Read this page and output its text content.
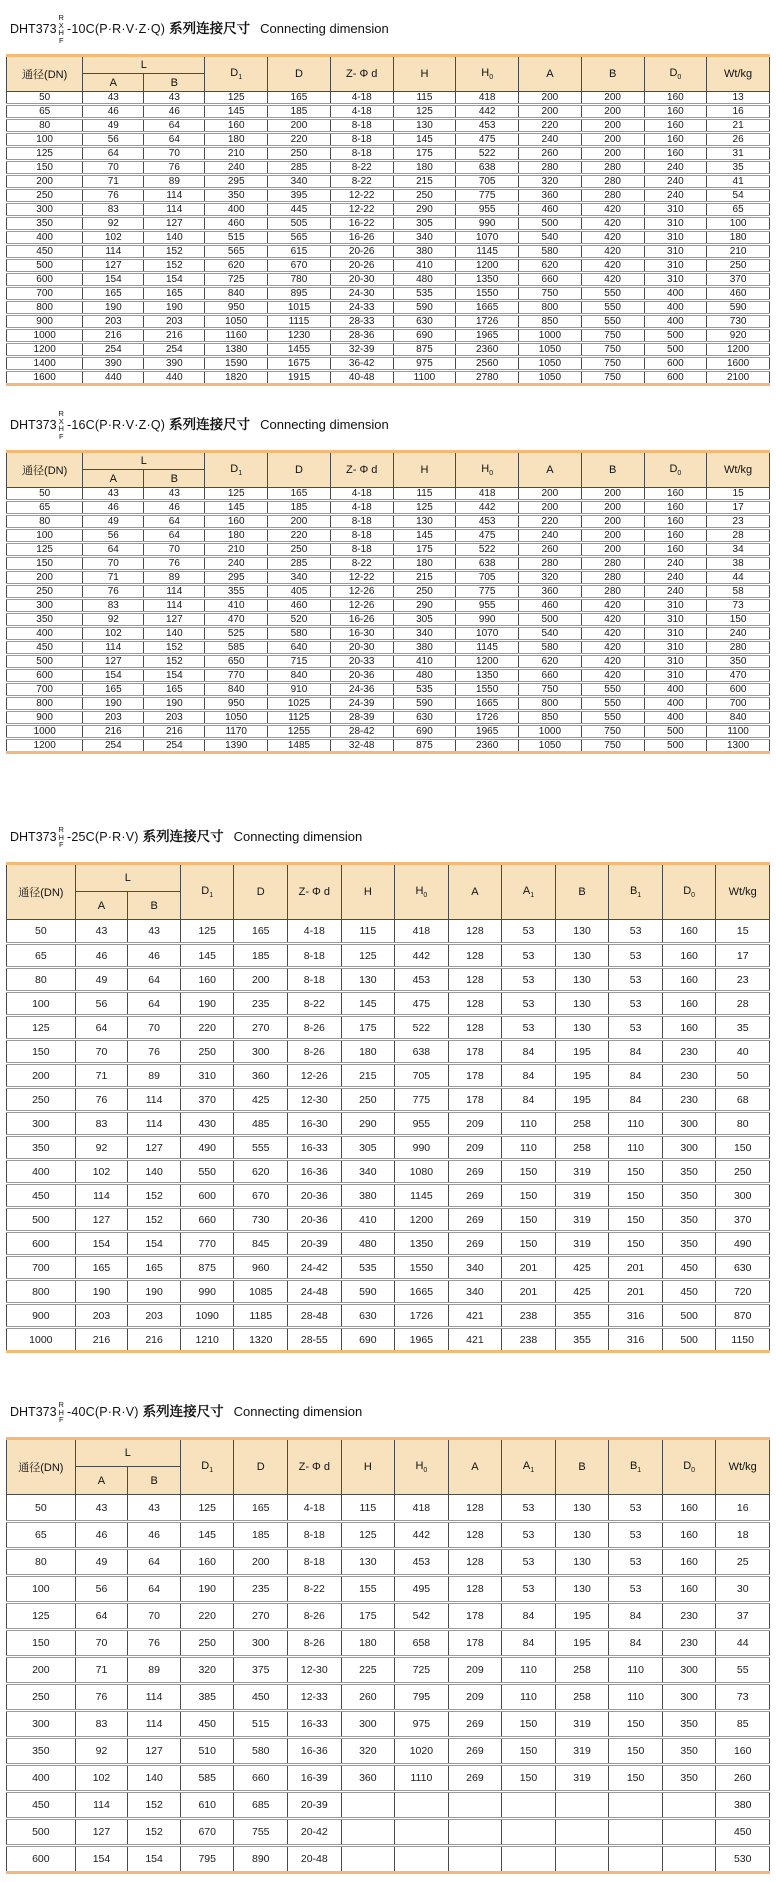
DHT373
R
X
H
F
-10C(P·R·V·Z·Q) 系列连接尺寸 Connecting dimension
通径(DN)	L		$D_1$	D	Z- Φ d	H	$H_0$	A	B	$D_0$	Wt/kg
	A	B									
50	43	43	125	165	4-18	115	418	200	200	160	13
65	46	46	145	185	4-18	125	442	200	200	160	16
80	49	64	160	200	8-18	130	453	220	200	160	21
100	56	64	180	220	8-18	145	475	240	200	160	26
125	64	70	210	250	8-18	175	522	260	200	160	31
150	70	76	240	285	8-22	180	638	280	280	240	35
200	71	89	295	340	8-22	215	705	320	280	240	41
250	76	114	350	395	12-22	250	775	360	280	240	54
300	83	114	400	445	12-22	290	955	460	420	310	65
350	92	127	460	505	16-22	305	990	500	420	310	100
400	102	140	515	565	16-26	340	1070	540	420	310	180
450	114	152	565	615	20-26	380	1145	580	420	310	210
500	127	152	620	670	20-26	410	1200	620	420	310	250
600	154	154	725	780	20-30	480	1350	660	420	310	370
700	165	165	840	895	24-30	535	1550	750	550	400	460
800	190	190	950	1015	24-33	590	1665	800	550	400	590
900	203	203	1050	1115	28-33	630	1726	850	550	400	730
1000	216	216	1160	1230	28-36	690	1965	1000	750	500	920
1200	254	254	1380	1455	32-39	875	2360	1050	750	500	1200
1400	390	390	1590	1675	36-42	975	2560	1050	750	600	1600
1600	440	440	1820	1915	40-48	1100	2780	1050	750	600	2100
DHT373
R
X
H
F
-16C(P·R·V·Z·Q) 系列连接尺寸 Connecting dimension
通径(DN)	L		$D_1$	D	Z- Φ d	H	$H_0$	A	B	$D_0$	Wt/kg
	A	B									
50	43	43	125	165	4-18	115	418	200	200	160	15
65	46	46	145	185	4-18	125	442	200	200	160	17
80	49	64	160	200	8-18	130	453	220	200	160	23
100	56	64	180	220	8-18	145	475	240	200	160	28
125	64	70	210	250	8-18	175	522	260	200	160	34
150	70	76	240	285	8-22	180	638	280	280	240	38
200	71	89	295	340	12-22	215	705	320	280	240	44
250	76	114	355	405	12-26	250	775	360	280	240	58
300	83	114	410	460	12-26	290	955	460	420	310	73
350	92	127	470	520	16-26	305	990	500	420	310	150
400	102	140	525	580	16-30	340	1070	540	420	310	240
450	114	152	585	640	20-30	380	1145	580	420	310	280
500	127	152	650	715	20-33	410	1200	620	420	310	350
600	154	154	770	840	20-36	480	1350	660	420	310	470
700	165	165	840	910	24-36	535	1550	750	550	400	600
800	190	190	950	1025	24-39	590	1665	800	550	400	700
900	203	203	1050	1125	28-39	630	1726	850	550	400	840
1000	216	216	1170	1255	28-42	690	1965	1000	750	500	1100
1200	254	254	1390	1485	32-48	875	2360	1050	750	500	1300
DHT373
R
H
F
-25C(P·R·V) 系列连接尺寸 Connecting dimension
通径(DN)	L		$D_1$	D	Z- Φ d	H	$H_0$	A	$A_1$	B	$B_1$	$D_0$	Wt/kg
	A	B											
50	43	43	125	165	4-18	115	418	128	53	130	53	160	15
65	46	46	145	185	8-18	125	442	128	53	130	53	160	17
80	49	64	160	200	8-18	130	453	128	53	130	53	160	23
100	56	64	190	235	8-22	145	475	128	53	130	53	160	28
125	64	70	220	270	8-26	175	522	128	53	130	53	160	35
150	70	76	250	300	8-26	180	638	178	84	195	84	230	40
200	71	89	310	360	12-26	215	705	178	84	195	84	230	50
250	76	114	370	425	12-30	250	775	178	84	195	84	230	68
300	83	114	430	485	16-30	290	955	209	110	258	110	300	80
350	92	127	490	555	16-33	305	990	209	110	258	110	300	150
400	102	140	550	620	16-36	340	1080	269	150	319	150	350	250
450	114	152	600	670	20-36	380	1145	269	150	319	150	350	300
500	127	152	660	730	20-36	410	1200	269	150	319	150	350	370
600	154	154	770	845	20-39	480	1350	269	150	319	150	350	490
700	165	165	875	960	24-42	535	1550	340	201	425	201	450	630
800	190	190	990	1085	24-48	590	1665	340	201	425	201	450	720
900	203	203	1090	1185	28-48	630	1726	421	238	355	316	500	870
1000	216	216	1210	1320	28-55	690	1965	421	238	355	316	500	1150
DHT373
R
H
F
-40C(P·R·V) 系列连接尺寸 Connecting dimension
通径(DN)	L		$D_1$	D	Z- Φ d	H	$H_0$	A	$A_1$	B	$B_1$	$D_0$	Wt/kg
	A	B											
50	43	43	125	165	4-18	115	418	128	53	130	53	160	16
65	46	46	145	185	8-18	125	442	128	53	130	53	160	18
80	49	64	160	200	8-18	130	453	128	53	130	53	160	25
100	56	64	190	235	8-22	155	495	128	53	130	53	160	30
125	64	70	220	270	8-26	175	542	178	84	195	84	230	37
150	70	76	250	300	8-26	180	658	178	84	195	84	230	44
200	71	89	320	375	12-30	225	725	209	110	258	110	300	55
250	76	114	385	450	12-33	260	795	209	110	258	110	300	73
300	83	114	450	515	16-33	300	975	269	150	319	150	350	85
350	92	127	510	580	16-36	320	1020	269	150	319	150	350	160
400	102	140	585	660	16-39	360	1110	269	150	319	150	350	260
450	114	152	610	685	20-39								380
500	127	152	670	755	20-42								450
600	154	154	795	890	20-48								530
